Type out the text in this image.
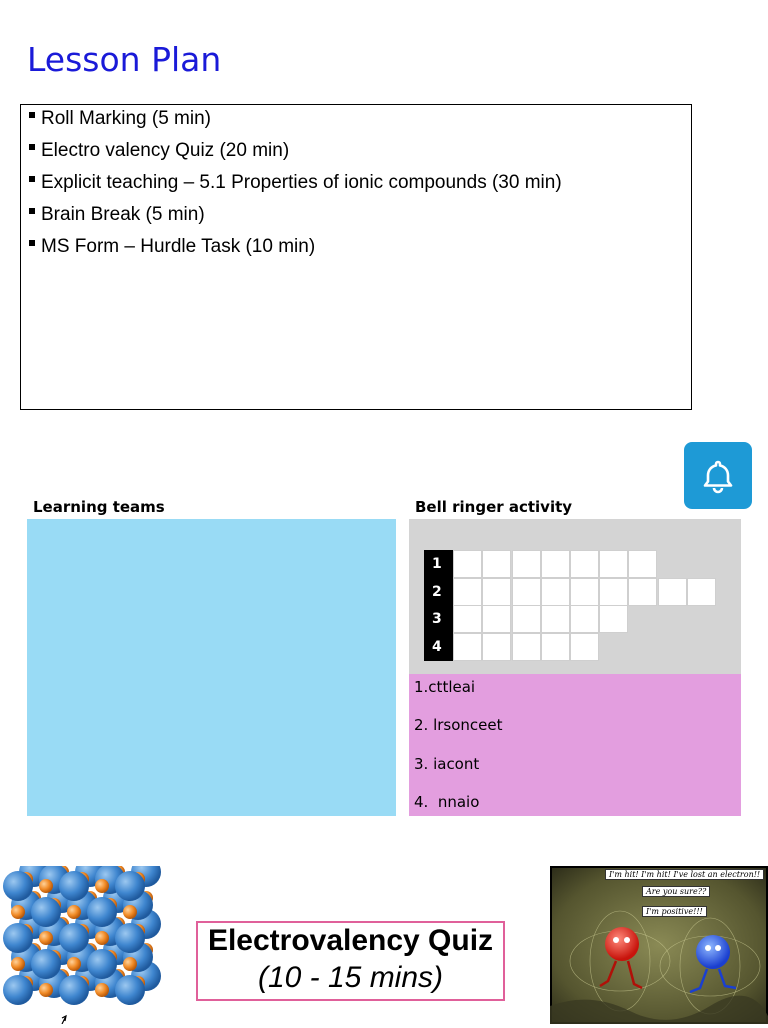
Lesson Plan
Roll Marking (5 min)
Electro valency Quiz (20 min)
Explicit teaching – 5.1 Properties of ionic compounds (30 min)
Brain Break (5 min)
MS Form – Hurdle Task (10 min)
Learning teams	Bell ringer activity
1
2
3
4
1.cttleai
2. lrsonceet
3. iacont
4.  nnaio
Electrovalency Quiz
(10 - 15 mins)
I'm hit! I'm hit! I've lost an electron!!
Are you sure??
I'm positive!!!
